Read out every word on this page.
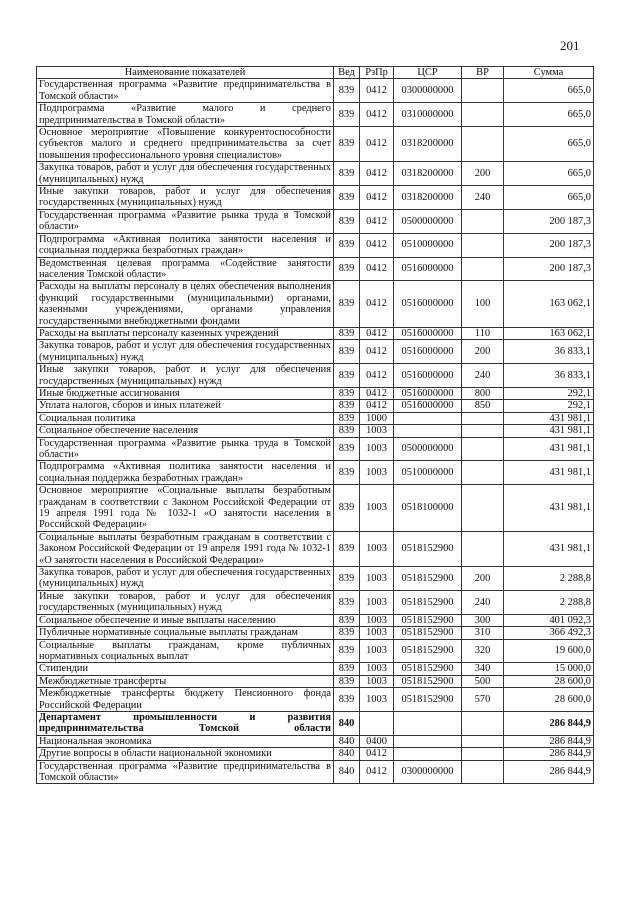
201
Наименование показателей	Вед	РзПр	ЦСР	ВР	Сумма
Государственная программа «Развитие предпринимательства в Томской области»	839	0412	0300000000		665,0
Подпрограмма «Развитие малого и среднего предпринимательства в Томской области»	839	0412	0310000000		665,0
Основное мероприятие «Повышение конкурентоспособности субъектов малого и среднего предпринимательства за счет повышения профессионального уровня специалистов»	839	0412	0318200000		665,0
Закупка товаров, работ и услуг для обеспечения государственных (муниципальных) нужд	839	0412	0318200000	200	665,0
Иные закупки товаров, работ и услуг для обеспечения государственных (муниципальных) нужд	839	0412	0318200000	240	665,0
Государственная программа «Развитие рынка труда в Томской области»	839	0412	0500000000		200 187,3
Подпрограмма «Активная политика занятости населения и социальная поддержка безработных граждан»	839	0412	0510000000		200 187,3
Ведомственная целевая программа «Содействие занятости населения Томской области»	839	0412	0516000000		200 187,3
Расходы на выплаты персоналу в целях обеспечения выполнения функций государственными (муниципальными) органами, казенными учреждениями, органами управления государственными внебюджетными фондами	839	0412	0516000000	100	163 062,1
Расходы на выплаты персоналу казенных учреждений	839	0412	0516000000	110	163 062,1
Закупка товаров, работ и услуг для обеспечения государственных (муниципальных) нужд	839	0412	0516000000	200	36 833,1
Иные закупки товаров, работ и услуг для обеспечения государственных (муниципальных) нужд	839	0412	0516000000	240	36 833,1
Иные бюджетные ассигнования	839	0412	0516000000	800	292,1
Уплата налогов, сборов и иных платежей	839	0412	0516000000	850	292,1
Социальная политика	839	1000			431 981,1
Социальное обеспечение населения	839	1003			431 981,1
Государственная программа «Развитие рынка труда в Томской области»	839	1003	0500000000		431 981,1
Подпрограмма «Активная политика занятости населения и социальная поддержка безработных граждан»	839	1003	0510000000		431 981,1
Основное мероприятие «Социальные выплаты безработным гражданам в соответствии с Законом Российской Федерации от 19 апреля 1991 года № 1032-1 «О занятости населения в Российской Федерации»	839	1003	0518100000		431 981,1
Социальные выплаты безработным гражданам в соответствии с Законом Российской Федерации от 19 апреля 1991 года № 1032-1 «О занятости населения в Российской Федерации»	839	1003	0518152900		431 981,1
Закупка товаров, работ и услуг для обеспечения государственных (муниципальных) нужд	839	1003	0518152900	200	2 288,8
Иные закупки товаров, работ и услуг для обеспечения государственных (муниципальных) нужд	839	1003	0518152900	240	2 288,8
Социальное обеспечение и иные выплаты населению	839	1003	0518152900	300	401 092,3
Публичные нормативные социальные выплаты гражданам	839	1003	0518152900	310	366 492,3
Социальные выплаты гражданам, кроме публичных нормативных социальных выплат	839	1003	0518152900	320	19 600,0
Стипендии	839	1003	0518152900	340	15 000,0
Межбюджетные трансферты	839	1003	0518152900	500	28 600,0
Межбюджетные трансферты бюджету Пенсионного фонда Российской Федерации	839	1003	0518152900	570	28 600,0
Департамент промышленности и развития предпринимательства Томской области	840				286 844,9
Национальная экономика	840	0400			286 844,9
Другие вопросы в области национальной экономики	840	0412			286 844,9
Государственная программа «Развитие предпринимательства в Томской области»	840	0412	0300000000		286 844,9
